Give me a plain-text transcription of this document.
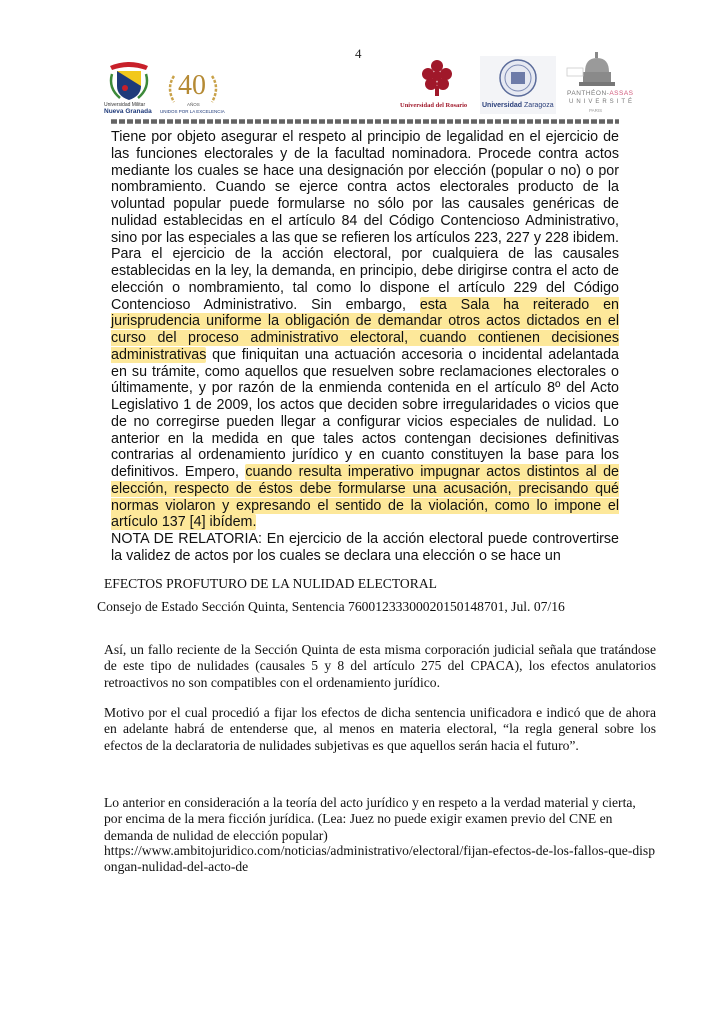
4
Universidad Militar
Nueva Granada
40
AÑOS
UNIDOS POR LA EXCELENCIA
Universidad del Rosario Universidad Zaragoza
PANTHÉON-ASSAS
UNIVERSITÉ
PARIS

Tiene por objeto asegurar el respeto al principio de legalidad en el ejercicio de las funciones electorales y de la facultad nominadora. Procede contra actos mediante los cuales se hace una designación por elección (popular o no) o por nombramiento. Cuando se ejerce contra actos electorales producto de la voluntad popular puede formularse no sólo por las causales genéricas de nulidad establecidas en el artículo 84 del Código Contencioso Administrativo, sino por las especiales a las que se refieren los artículos 223, 227 y 228 ibidem. Para el ejercicio de la acción electoral, por cualquiera de las causales establecidas en la ley, la demanda, en principio, debe dirigirse contra el acto de elección o nombramiento, tal como lo dispone el artículo 229 del Código Contencioso Administrativo. Sin embargo, esta Sala ha reiterado en jurisprudencia uniforme la obligación de demandar otros actos dictados en el curso del proceso administrativo electoral, cuando contienen decisiones administrativas que finiquitan una actuación accesoria o incidental adelantada en su trámite, como aquellos que resuelven sobre reclamaciones electorales o últimamente, y por razón de la enmienda contenida en el artículo 8º del Acto Legislativo 1 de 2009, los actos que deciden sobre irregularidades o vicios que de no corregirse pueden llegar a configurar vicios especiales de nulidad. Lo anterior en la medida en que tales actos contengan decisiones definitivas contrarias al ordenamiento jurídico y en cuanto constituyen la base para los definitivos. Empero, cuando resulta imperativo impugnar actos distintos al de elección, respecto de éstos debe formularse una acusación, precisando qué normas violaron y expresando el sentido de la violación, como lo impone el artículo 137 [4] ibídem.

NOTA DE RELATORIA: En ejercicio de la acción electoral puede controvertirse la validez de actos por los cuales se declara una elección o se hace un

EFECTOS PROFUTURO DE LA NULIDAD ELECTORAL
Consejo de Estado Sección Quinta, Sentencia 76001233300020150148701, Jul. 07/16
Así, un fallo reciente de la Sección Quinta de esta misma corporación judicial señala que tratándose de este tipo de nulidades (causales 5 y 8 del artículo 275 del CPACA), los efectos anulatorios retroactivos no son compatibles con el ordenamiento jurídico.
Motivo por el cual procedió a fijar los efectos de dicha sentencia unificadora e indicó que de ahora en adelante habrá de entenderse que, al menos en materia electoral, “la regla general sobre los efectos de la declaratoria de nulidades subjetivas es que aquellos serán hacia el futuro”.
Lo anterior en consideración a la teoría del acto jurídico y en respeto a la verdad material y cierta, por encima de la mera ficción jurídica. (Lea: Juez no puede exigir examen previo del CNE en demanda de nulidad de elección popular)
https://www.ambitojuridico.com/noticias/administrativo/electoral/fijan-efectos-de-los-fallos-que-dispongan-nulidad-del-acto-de
